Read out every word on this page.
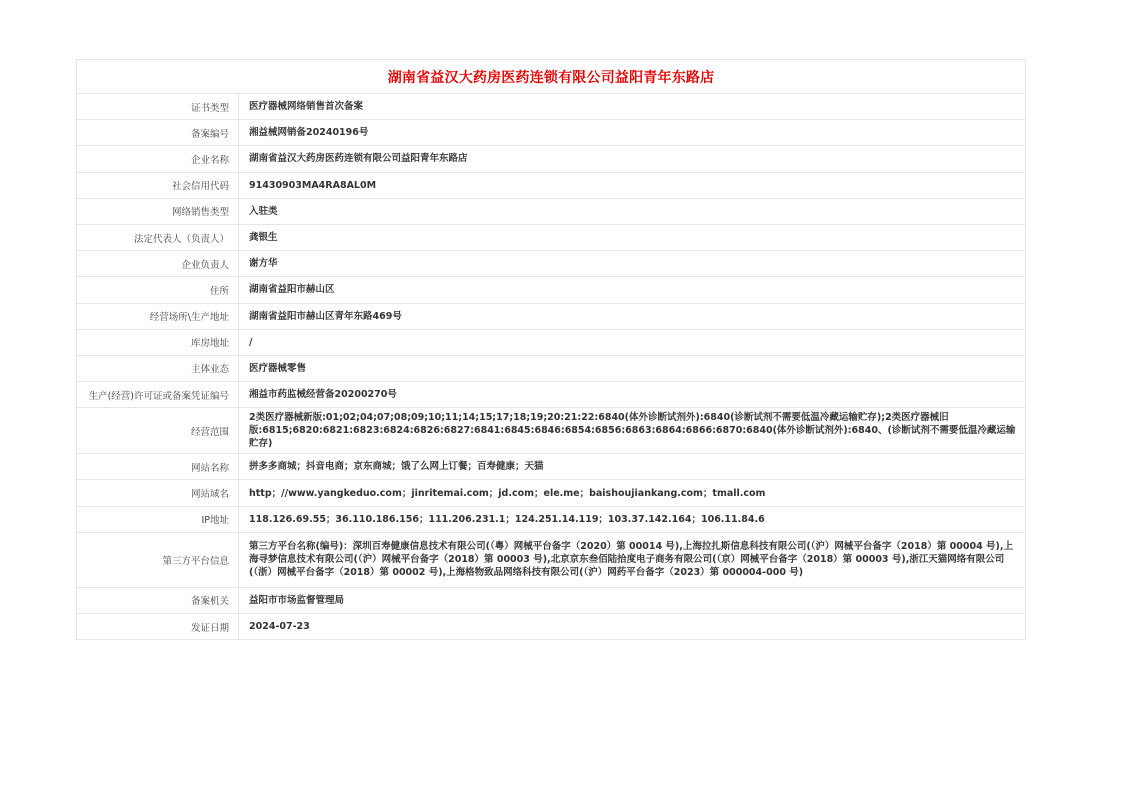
湖南省益汉大药房医药连锁有限公司益阳青年东路店	
证书类型	医疗器械网络销售首次备案
备案编号	湘益械网销备20240196号
企业名称	湖南省益汉大药房医药连锁有限公司益阳青年东路店
社会信用代码	91430903MA4RA8AL0M
网络销售类型	入驻类
法定代表人（负责人）	龚银生
企业负责人	谢方华
住所	湖南省益阳市赫山区
经营场所\生产地址	湖南省益阳市赫山区青年东路469号
库房地址	/
主体业态	医疗器械零售
生产(经营)许可证或备案凭证编号	湘益市药监械经营备20200270号
经营范围	2类医疗器械新版:01;02;04;07;08;09;10;11;14;15;17;18;19;20:21:22:6840(体外诊断试剂外):6840(诊断试剂不需要低温冷藏运输贮存);2类医疗器械旧版:6815;6820:6821:6823:6824:6826:6827:6841:6845:6846:6854:6856:6863:6864:6866:6870:6840(体外诊断试剂外):6840、(诊断试剂不需要低温冷藏运输贮存)
网站名称	拼多多商城；抖音电商；京东商城；饿了么网上订餐；百寿健康；天猫
网站域名	http；//www.yangkeduo.com；jinritemai.com；jd.com；ele.me；baishoujiankang.com；tmall.com
IP地址	118.126.69.55；36.110.186.156；111.206.231.1；124.251.14.119；103.37.142.164；106.11.84.6
第三方平台信息	第三方平台名称(编号)：深圳百寿健康信息技术有限公司(（粤）网械平台备字（2020）第 00014 号),上海拉扎斯信息科技有限公司(（沪）网械平台备字（2018）第 00004 号),上海寻梦信息技术有限公司(（沪）网械平台备字（2018）第 00003 号),北京京东叁佰陆拾度电子商务有限公司(（京）网械平台备字（2018）第 00003 号),浙江天猫网络有限公司(（浙）网械平台备字（2018）第 00002 号),上海格物致品网络科技有限公司(（沪）网药平台备字（2023）第 000004-000 号)
备案机关	益阳市市场监督管理局
发证日期	2024-07-23
